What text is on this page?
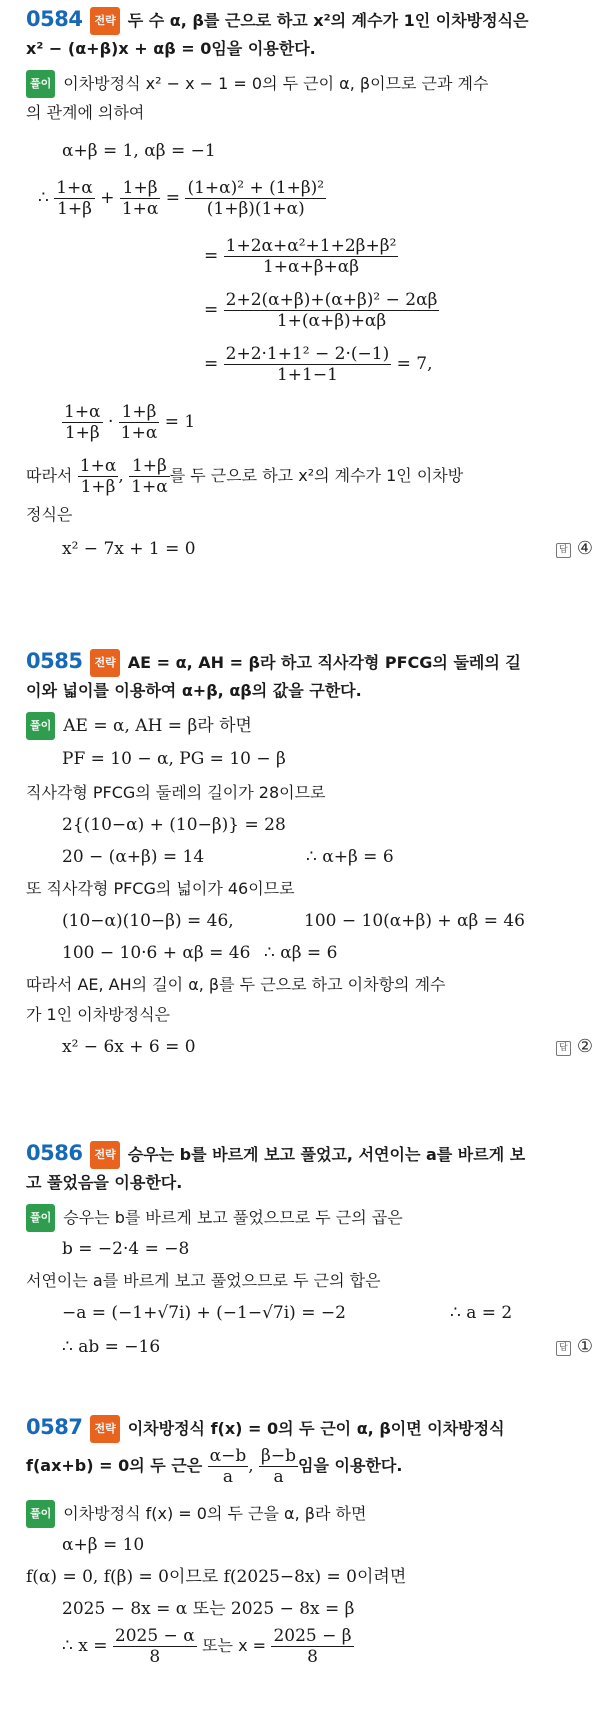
0584 전략 두 수 α, β를 근으로 하고 x²의 계수가 1인 이차방정식은
x² − (α+β)x + αβ = 0임을 이용한다.
풀이 이차방정식 x² − x − 1 = 0의 두 근이 α, β이므로 근과 계수
의 관계에 의하여
α+β = 1, αβ = −1
∴ $\frac{1+\alpha}{1+\beta} + \frac{1+\beta}{1+\alpha} = \frac{\text{(1+α)² + (1+β)²}}{(1+\beta)(1+\alpha)}$
= $\frac{\text{1+2α+α²+1+2β+β²}}{1+\alpha+\beta+\alpha\beta}$
= $\frac{\text{2+2(α+β)+(α+β)² − 2αβ}}{1+(\alpha+\beta)+\alpha\beta}$
= $\frac{\text{2+2·1+1² − 2·(−1)}}{1+1-1} = 7$,
$\frac{1+\alpha}{1+\beta} \cdot \frac{1+\beta}{1+\alpha} = 1$
따라서 $\frac{1+\alpha}{1+\beta}$ , $\frac{1+\beta}{1+\alpha}$ 를 두 근으로 하고 x²의 계수가 1인 이차방
정식은
x² − 7x + 1 = 0	답 ④
0585 전략 AE = α, AH = β라 하고 직사각형 PFCG의 둘레의 길
이와 넓이를 이용하여 α+β, αβ의 값을 구한다.
풀이 AE = α, AH = β라 하면
PF = 10 − α, PG = 10 − β
직사각형 PFCG의 둘레의 길이가 28이므로
2{(10−α) + (10−β)} = 28
20 − (α+β) = 14	∴ α+β = 6
또 직사각형 PFCG의 넓이가 46이므로
(10−α)(10−β) = 46,	100 − 10(α+β) + αβ = 46
100 − 10·6 + αβ = 46 ∴ αβ = 6
따라서 AE, AH의 길이 α, β를 두 근으로 하고 이차항의 계수
가 1인 이차방정식은
x² − 6x + 6 = 0	답 ②
0586 전략 승우는 b를 바르게 보고 풀었고, 서연이는 a를 바르게 보
고 풀었음을 이용한다.
풀이 승우는 b를 바르게 보고 풀었으므로 두 근의 곱은
b = −2·4 = −8
서연이는 a를 바르게 보고 풀었으므로 두 근의 합은
−a = (−1+√7i) + (−1−√7i) = −2	∴ a = 2
∴ ab = −16	답 ①
0587 전략 이차방정식 f(x) = 0의 두 근이 α, β이면 이차방정식
f(ax+b) = 0의 두 근은 $\frac{\alpha-b}{a}$ , $\frac{\beta-b}{a}$ 임을 이용한다.
풀이 이차방정식 f(x) = 0의 두 근을 α, β라 하면
α+β = 10
f(α) = 0, f(β) = 0이므로 f(2025−8x) = 0이려면
2025 − 8x = α 또는 2025 − 8x = β
∴ $x = \frac{2025 - \alpha}{8}$ 또는 $x = \frac{2025 - \beta}{8}$
